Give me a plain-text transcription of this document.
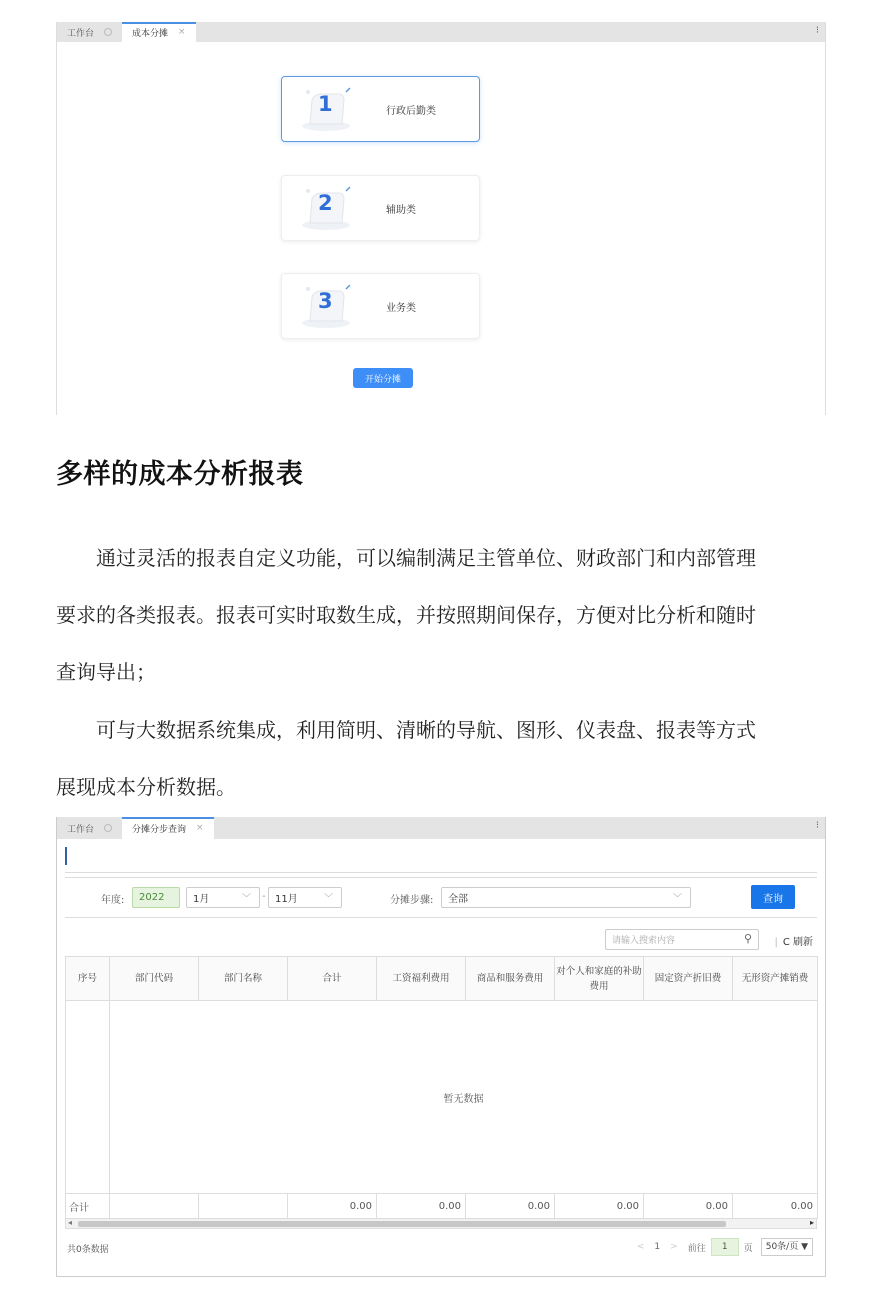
工作台	成本分摊 ×	⁝
1	行政后勤类
2	辅助类
3	业务类
开始分摊
多样的成本分析报表
　　通过灵活的报表自定义功能，可以编制满足主管单位、财政部门和内部管理
要求的各类报表。报表可实时取数生成，并按照期间保存，方便对比分析和随时
查询导出；
　　可与大数据系统集成，利用简明、清晰的导航、图形、仪表盘、报表等方式
展现成本分析数据。
工作台	分摊分步查询 ×	⁝
年度:	2022	1月	﹀ - 11月	﹀	分摊步骤: 全部	﹀	查询
请输入搜索内容	⚲ | C 刷新
序号	部门代码	部门名称	合计	工资福利费用	商品和服务费用	对个人和家庭的补助费用	固定资产折旧费	无形资产摊销费
	暂无数据							
合计			0.00	0.00	0.00	0.00	0.00	0.00
◂	▸
共0条数据	< 1 > 前往	1	页	50条/页 ▼
